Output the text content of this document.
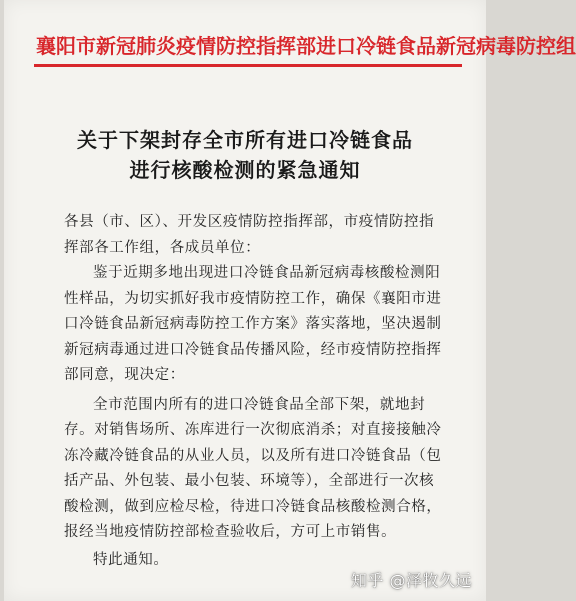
襄阳市新冠肺炎疫情防控指挥部进口冷链食品新冠病毒防控组
关于下架封存全市所有进口冷链食品
进行核酸检测的紧急通知

各县（市、区）、开发区疫情防控指挥部，市疫情防控指挥部各工作组，各成员单位：

鉴于近期多地出现进口冷链食品新冠病毒核酸检测阳性样品，为切实抓好我市疫情防控工作，确保《襄阳市进口冷链食品新冠病毒防控工作方案》落实落地，坚决遏制新冠病毒通过进口冷链食品传播风险，经市疫情防控指挥部同意，现决定：

全市范围内所有的进口冷链食品全部下架，就地封存。对销售场所、冻库进行一次彻底消杀；对直接接触冷冻冷藏冷链食品的从业人员，以及所有进口冷链食品（包括产品、外包装、最小包装、环境等），全部进行一次核酸检测，做到应检尽检，待进口冷链食品核酸检测合格，报经当地疫情防控部检查验收后，方可上市销售。

特此通知。

知乎 @泽牧久远
